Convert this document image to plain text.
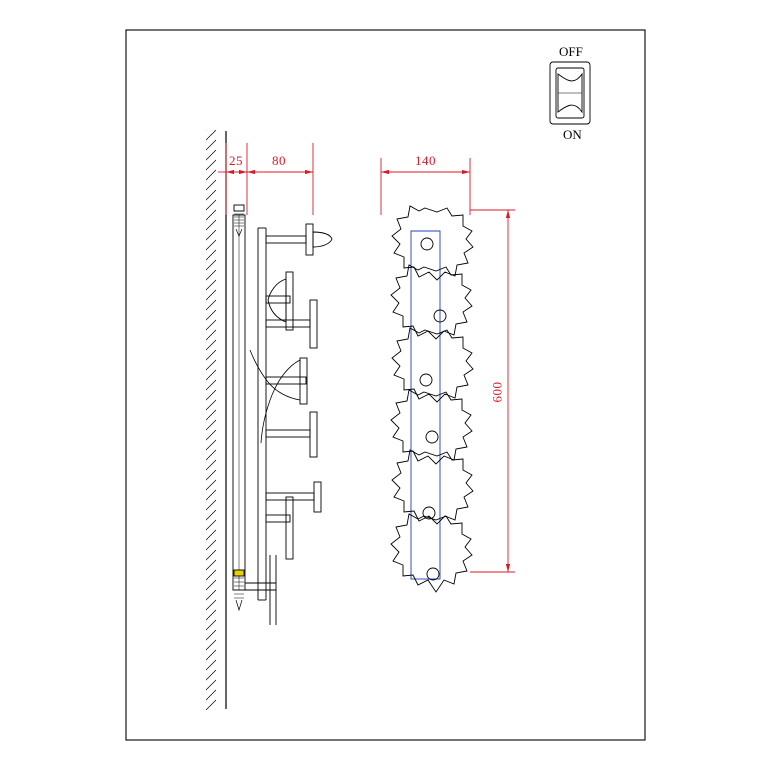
25 80	140
600
OFF
ON
